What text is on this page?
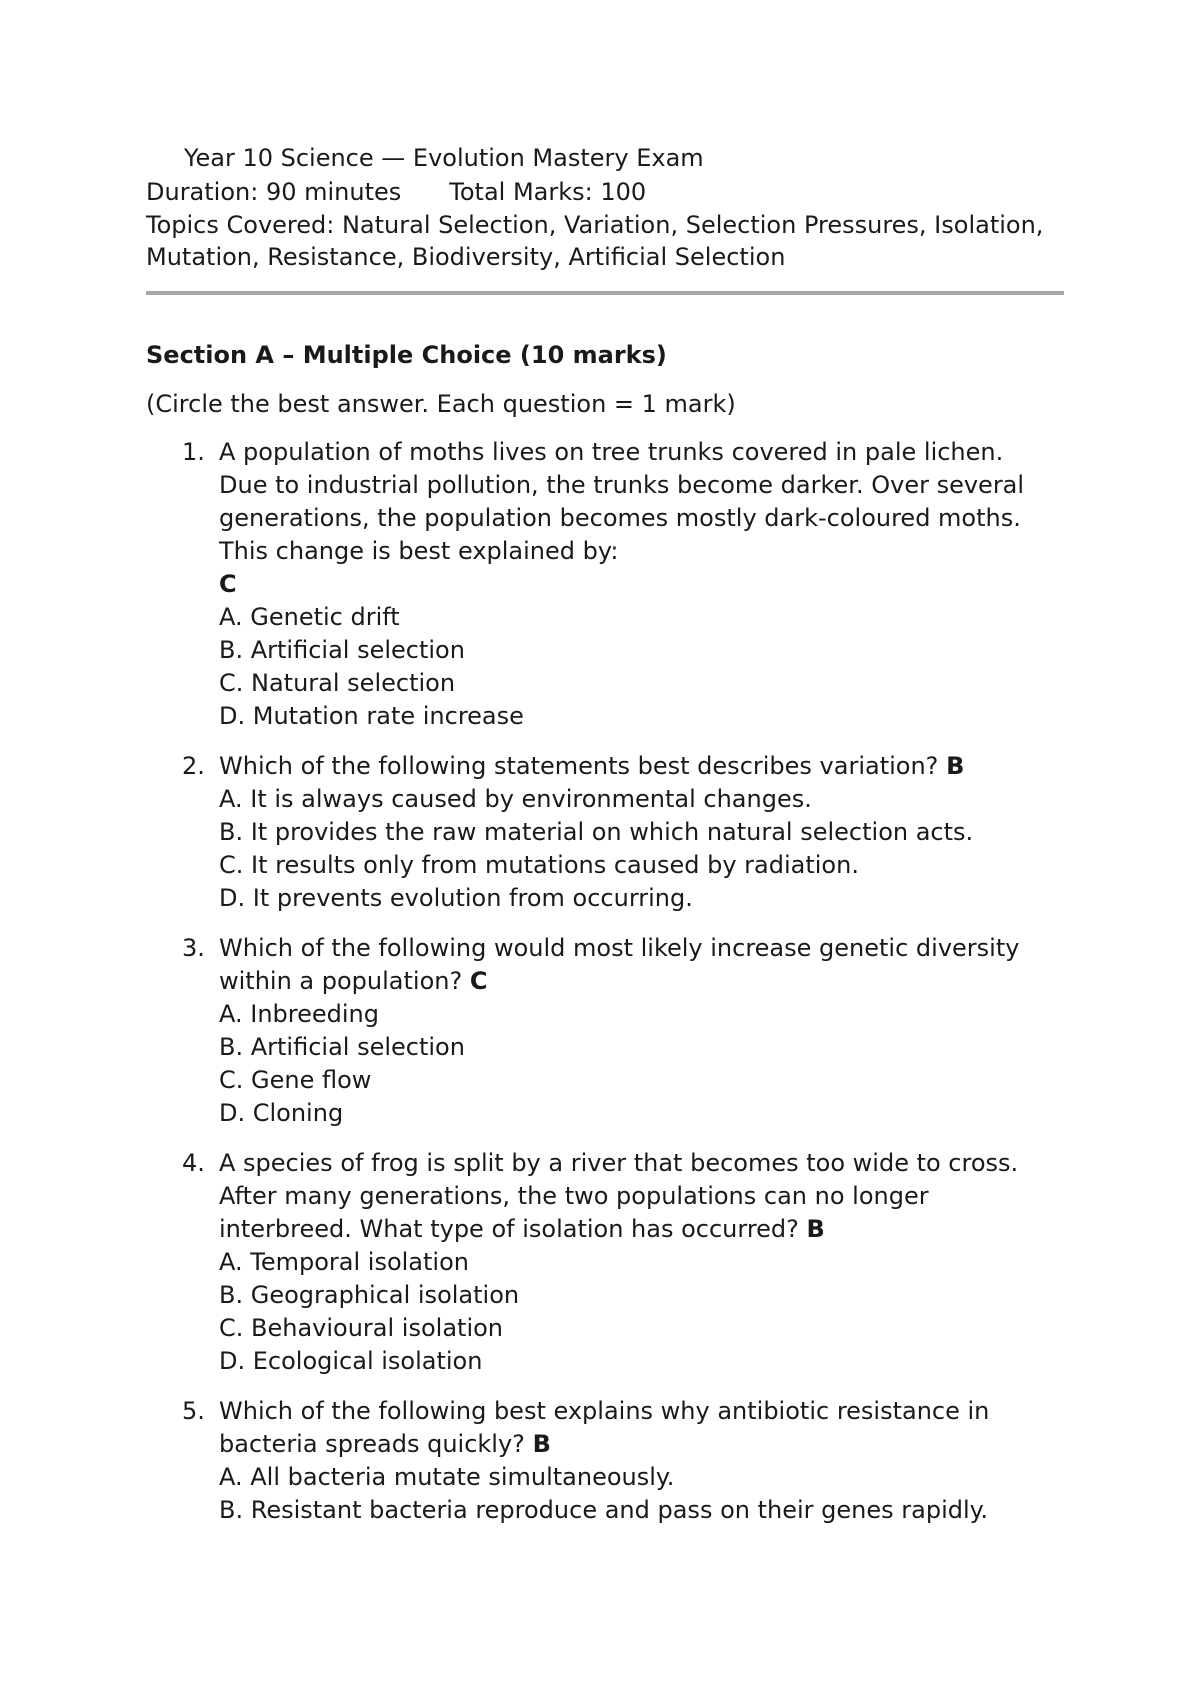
Year 10 Science — Evolution Mastery Exam
Duration: 90 minutes Total Marks: 100
Topics Covered: Natural Selection, Variation, Selection Pressures, Isolation,
Mutation, Resistance, Biodiversity, Artificial Selection
Section A – Multiple Choice (10 marks)
(Circle the best answer. Each question = 1 mark)
1. A population of moths lives on tree trunks covered in pale lichen.
Due to industrial pollution, the trunks become darker. Over several
generations, the population becomes mostly dark-coloured moths.
This change is best explained by:
C
A. Genetic drift
B. Artificial selection
C. Natural selection
D. Mutation rate increase
2. Which of the following statements best describes variation? B
A. It is always caused by environmental changes.
B. It provides the raw material on which natural selection acts.
C. It results only from mutations caused by radiation.
D. It prevents evolution from occurring.
3. Which of the following would most likely increase genetic diversity
within a population? C
A. Inbreeding
B. Artificial selection
C. Gene flow
D. Cloning
4. A species of frog is split by a river that becomes too wide to cross.
After many generations, the two populations can no longer
interbreed. What type of isolation has occurred? B
A. Temporal isolation
B. Geographical isolation
C. Behavioural isolation
D. Ecological isolation
5. Which of the following best explains why antibiotic resistance in
bacteria spreads quickly? B
A. All bacteria mutate simultaneously.
B. Resistant bacteria reproduce and pass on their genes rapidly.
